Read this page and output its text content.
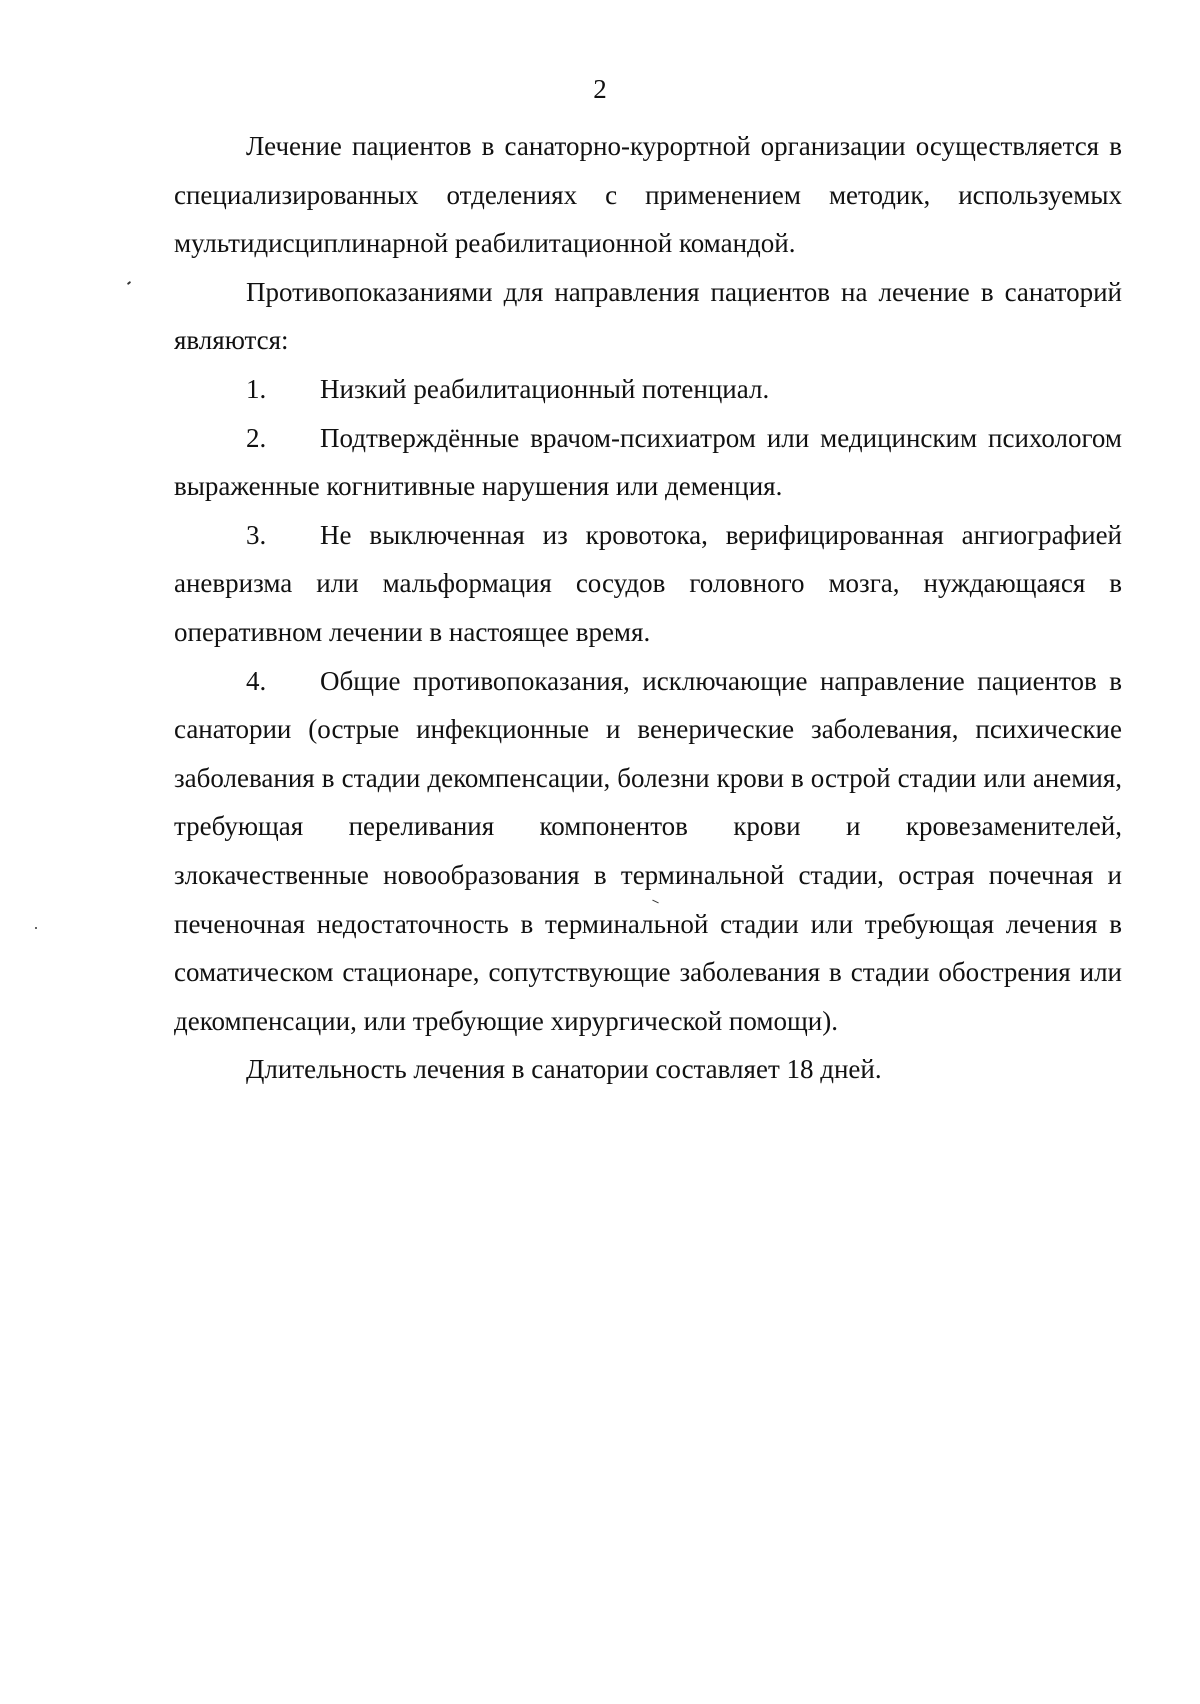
2

Лечение пациентов в санаторно-курортной организации осуществляется в специализированных отделениях с применением методик, используемых мультидисциплинарной реабилитационной командой.

Противопоказаниями для направления пациентов на лечение в санаторий являются:

1. Низкий реабилитационный потенциал.

2. Подтверждённые врачом-психиатром или медицинским психологом выраженные когнитивные нарушения или деменция.

3. Не выключенная из кровотока, верифицированная ангиографией аневризма или мальформация сосудов головного мозга, нуждающаяся в оперативном лечении в настоящее время.

4. Общие противопоказания, исключающие направление пациентов в санатории (острые инфекционные и венерические заболевания, психические заболевания в стадии декомпенсации, болезни крови в острой стадии или анемия, требующая переливания компонентов крови и кровезаменителей, злокачественные новообразования в терминальной стадии, острая почечная и печеночная недостаточность в терминальной стадии или требующая лечения в соматическом стационаре, сопутствующие заболевания в стадии обострения или декомпенсации, или требующие хирургической помощи).

Длительность лечения в санатории составляет 18 дней.
